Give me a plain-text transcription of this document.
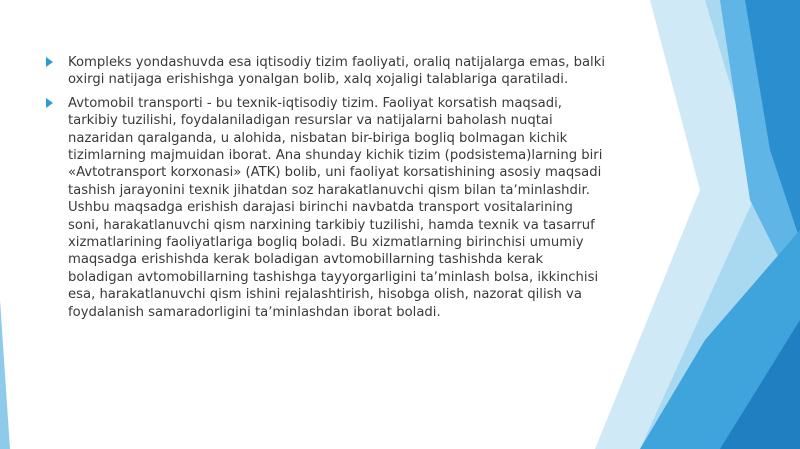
Kompleks yondashuvda esa iqtisodiy tizim faoliyati, oraliq natijalarga emas, balki oxirgi natijaga erishishga yonalgan bolib, xalq xojaligi talablariga qaratiladi.
Avtomobil transporti - bu texnik-iqtisodiy tizim. Faoliyat korsatish maqsadi, tarkibiy tuzilishi, foydalaniladigan resurslar va natijalarni baholash nuqtai nazaridan qaralganda, u alohida, nisbatan bir-biriga bogliq bolmagan kichik tizimlarning majmuidan iborat. Ana shunday kichik tizim (podsistema)larning biri «Avtotransport korxonasi» (ATK) bolib, uni faoliyat korsatishining asosiy maqsadi tashish jarayonini texnik jihatdan soz harakatlanuvchi qism bilan taʼminlashdir. Ushbu maqsadga erishish darajasi birinchi navbatda transport vositalarining soni, harakatlanuvchi qism narxining tarkibiy tuzilishi, hamda texnik va tasarruf xizmatlarining faoliyatlariga bogliq boladi. Bu xizmatlarning birinchisi umumiy maqsadga erishishda kerak boladigan avtomobillarning tashishda kerak boladigan avtomobillarning tashishga tayyorgarligini taʼminlash bolsa, ikkinchisi esa, harakatlanuvchi qism ishini rejalashtirish, hisobga olish, nazorat qilish va foydalanish samaradorligini taʼminlashdan iborat boladi.
